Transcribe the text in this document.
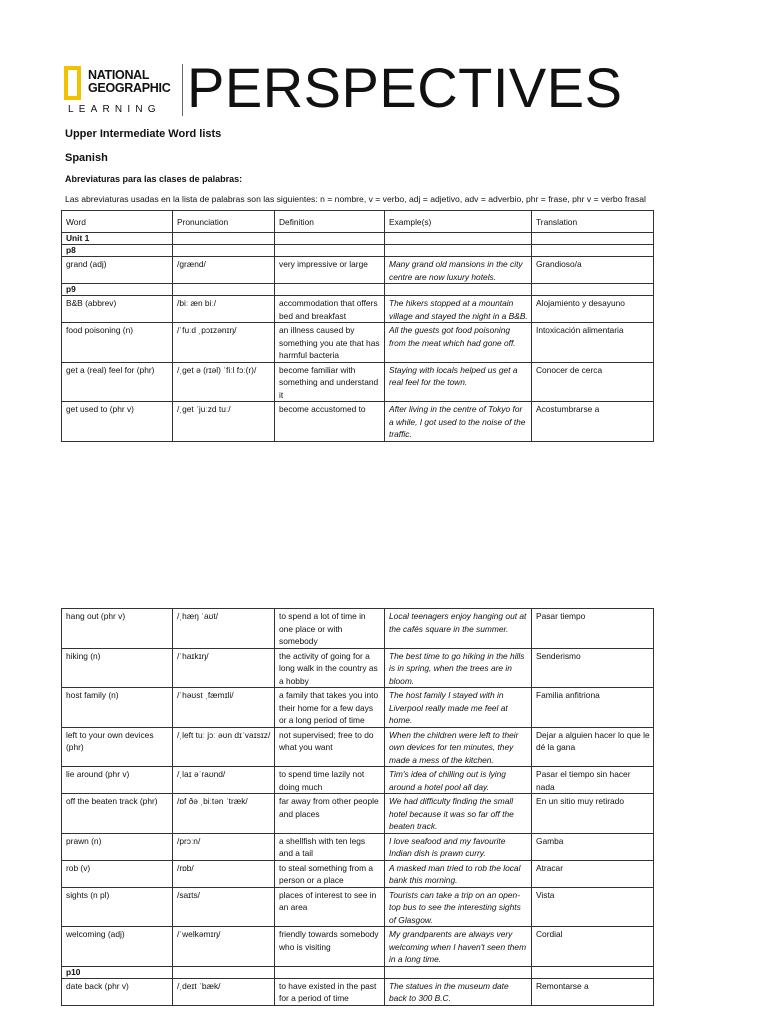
NATIONAL
GEOGRAPHIC
LEARNING PERSPECTIVES
Upper Intermediate Word lists
Spanish
Abreviaturas para las clases de palabras:
Las abreviaturas usadas en la lista de palabras son las siguientes: n = nombre, v = verbo, adj = adjetivo, adv = adverbio, phr = frase, phr v = verbo frasal
Word	Pronunciation	Definition	Example(s)	Translation
Unit 1				
p8				
grand (adj)	/ɡrænd/	very impressive or large	Many grand old mansions in the city centre are now luxury hotels.	Grandioso/a
p9				
B&B (abbrev)	/biː æn biː/	accommodation that offers bed and breakfast	The hikers stopped at a mountain village and stayed the night in a B&B.	Alojamiento y desayuno
food poisoning (n)	/ˈfuːd ˌpɔɪzənɪŋ/	an illness caused by something you ate that has harmful bacteria	All the guests got food poisoning from the meat which had gone off.	Intoxicación alimentaria
get a (real) feel for (phr)	/ˌɡet ə (rɪəl) ˈfiːl fɔː(r)/	become familiar with something and understand it	Staying with locals helped us get a real feel for the town.	Conocer de cerca
get used to (phr v)	/ˌɡet ˈjuːzd tuː/	become accustomed to	After living in the centre of Tokyo for a while, I got used to the noise of the traffic.	Acostumbrarse a
hang out (phr v)	/ˌhæŋ ˈaʊt/	to spend a lot of time in one place or with somebody	Local teenagers enjoy hanging out at the cafés square in the summer.	Pasar tiempo
hiking (n)	/ˈhaɪkɪŋ/	the activity of going for a long walk in the country as a hobby	The best time to go hiking in the hills is in spring, when the trees are in bloom.	Senderismo
host family (n)	/ˈhəʊst ˌfæmɪli/	a family that takes you into their home for a few days or a long period of time	The host family I stayed with in Liverpool really made me feel at home.	Familia anfitriona
left to your own devices (phr)	/ˌleft tuː jɔː əʊn dɪˈvaɪsɪz/	not supervised; free to do what you want	When the children were left to their own devices for ten minutes, they made a mess of the kitchen.	Dejar a alguien hacer lo que le dé la gana
lie around (phr v)	/ˌlaɪ əˈraʊnd/	to spend time lazily not doing much	Tim's idea of chilling out is lying around a hotel pool all day.	Pasar el tiempo sin hacer nada
off the beaten track (phr)	/ɒf ðə ˌbiːtən ˈtræk/	far away from other people and places	We had difficulty finding the small hotel because it was so far off the beaten track.	En un sitio muy retirado
prawn (n)	/prɔːn/	a shellfish with ten legs and a tail	I love seafood and my favourite Indian dish is prawn curry.	Gamba
rob (v)	/rɒb/	to steal something from a person or a place	A masked man tried to rob the local bank this morning.	Atracar
sights (n pl)	/saɪts/	places of interest to see in an area	Tourists can take a trip on an open-top bus to see the interesting sights of Glasgow.	Vista
welcoming (adj)	/ˈwelkəmɪŋ/	friendly towards somebody who is visiting	My grandparents are always very welcoming when I haven't seen them in a long time.	Cordial
p10				
date back (phr v)	/ˌdeɪt ˈbæk/	to have existed in the past for a period of time	The statues in the museum date back to 300 B.C.	Remontarse a
